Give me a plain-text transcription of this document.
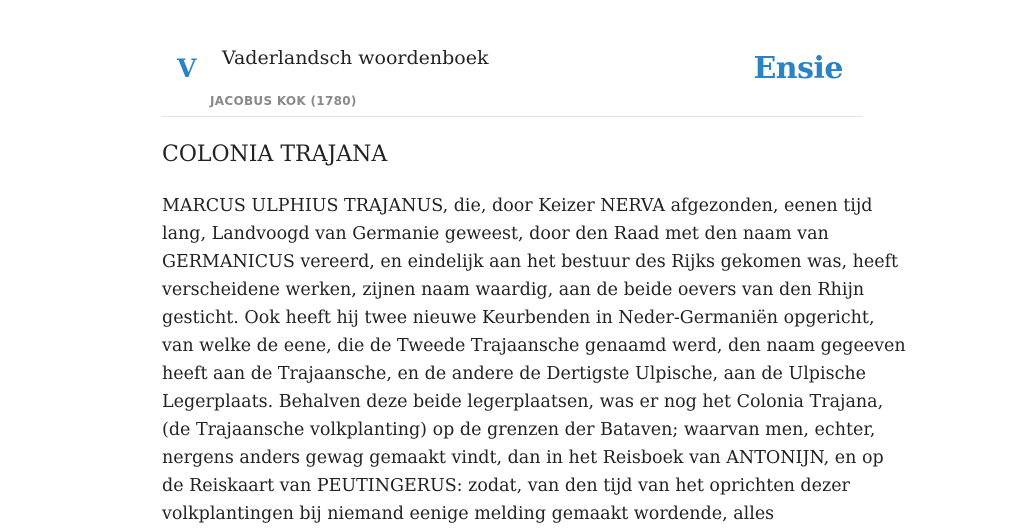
V Vaderlandsch woordenboek
JACOBUS KOK (1780)
Ensie
COLONIA TRAJANA
MARCUS ULPHIUS TRAJANUS, die, door Keizer NERVA afgezonden, eenen tijd
lang, Landvoogd van Germanie geweest, door den Raad met den naam van
GERMANICUS vereerd, en eindelijk aan het bestuur des Rijks gekomen was, heeft
verscheidene werken, zijnen naam waardig, aan de beide oevers van den Rhijn
gesticht. Ook heeft hij twee nieuwe Keurbenden in Neder-Germaniën opgericht,
van welke de eene, die de Tweede Trajaansche genaamd werd, den naam gegeeven
heeft aan de Trajaansche, en de andere de Dertigste Ulpische, aan de Ulpische
Legerplaats. Behalven deze beide legerplaatsen, was er nog het Colonia Trajana,
(de Trajaansche volkplanting) op de grenzen der Bataven; waarvan men, echter,
nergens anders gewag gemaakt vindt, dan in het Reisboek van ANTONIJN, en op
de Reiskaart van PEUTINGERUS: zodat, van den tijd van het oprichten dezer
volkplantingen bij niemand eenige melding gemaakt wordende, alles
